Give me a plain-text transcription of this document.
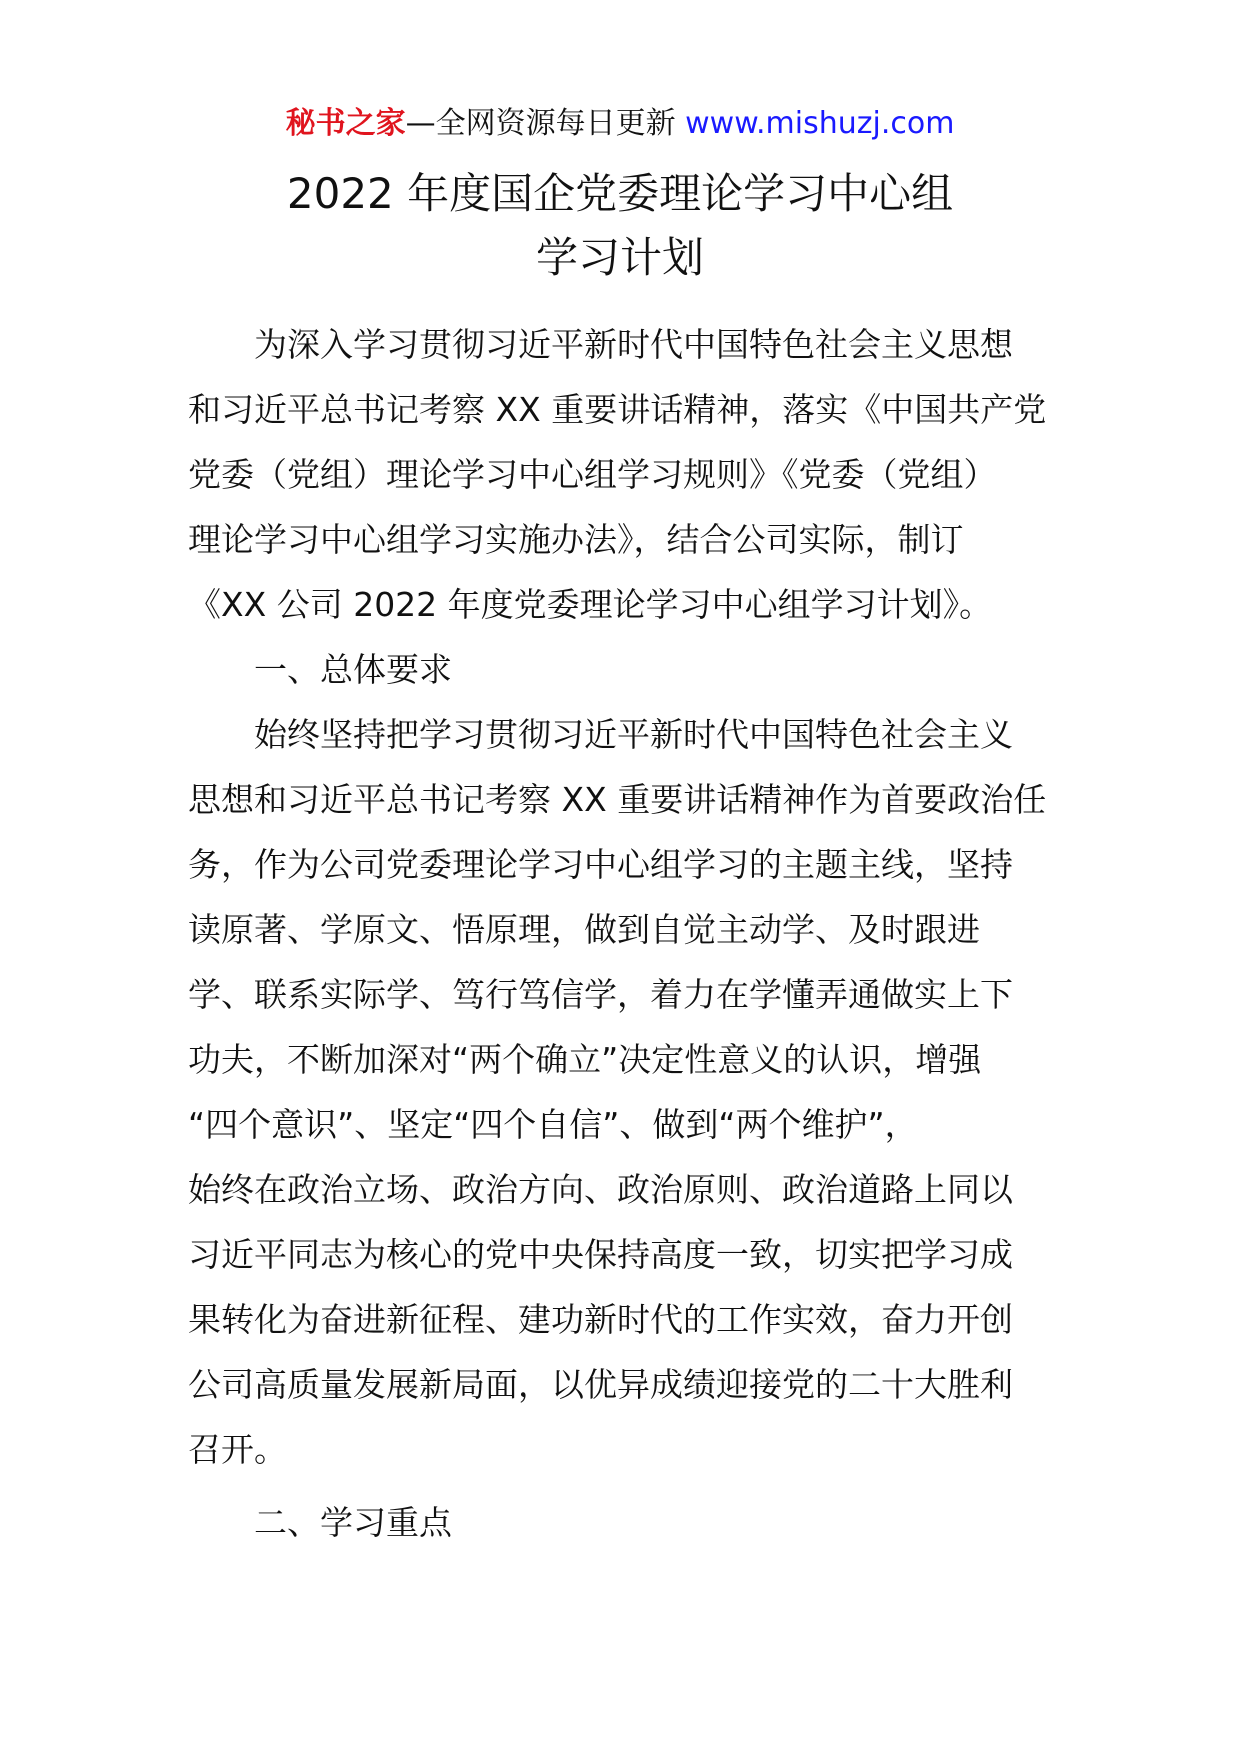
秘书之家—全网资源每日更新 www.mishuzj.com
2022 年度国企党委理论学习中心组
学习计划
　　为深入学习贯彻习近平新时代中国特色社会主义思想
和习近平总书记考察 XX 重要讲话精神，落实《中国共产党
党委（党组）理论学习中心组学习规则》《党委（党组）
理论学习中心组学习实施办法》，结合公司实际，制订
《XX 公司 2022 年度党委理论学习中心组学习计划》。
　　一、总体要求
　　始终坚持把学习贯彻习近平新时代中国特色社会主义
思想和习近平总书记考察 XX 重要讲话精神作为首要政治任
务，作为公司党委理论学习中心组学习的主题主线，坚持
读原著、学原文、悟原理，做到自觉主动学、及时跟进
学、联系实际学、笃行笃信学，着力在学懂弄通做实上下
功夫，不断加深对“两个确立”决定性意义的认识，增强
“四个意识”、坚定“四个自信”、做到“两个维护”，
始终在政治立场、政治方向、政治原则、政治道路上同以
习近平同志为核心的党中央保持高度一致，切实把学习成
果转化为奋进新征程、建功新时代的工作实效，奋力开创
公司高质量发展新局面，以优异成绩迎接党的二十大胜利
召开。
　　二、学习重点
